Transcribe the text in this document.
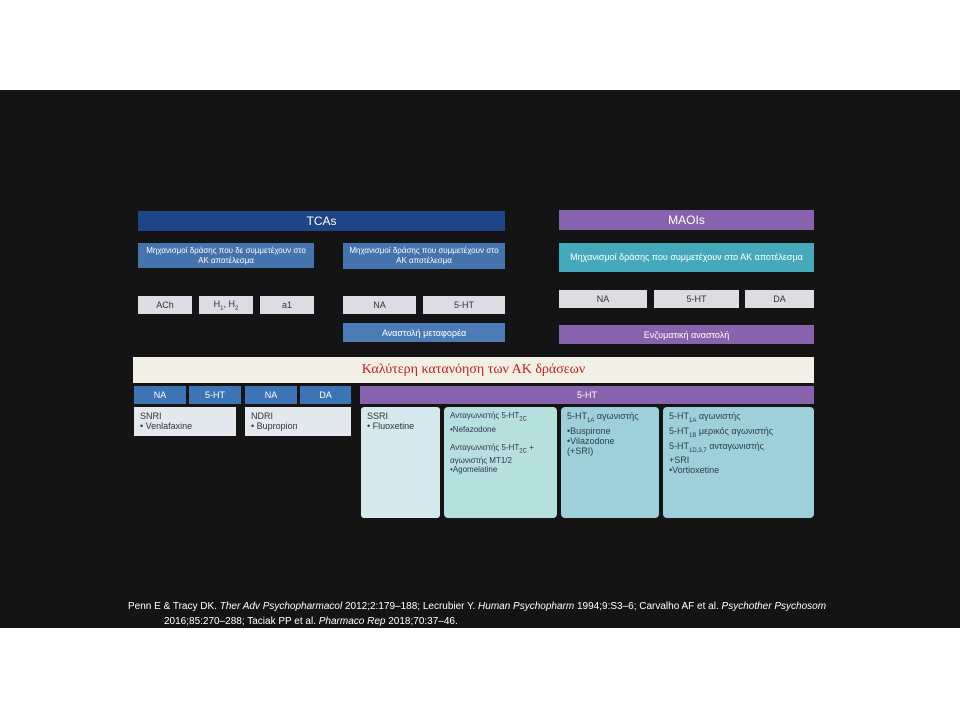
TCAs
Μηχανισμοί δράσης που δε συμμετέχουν στο ΑΚ αποτέλεσμα
Μηχανισμοί δράσης που συμμετέχουν στο ΑΚ αποτέλεσμα
ACh	$H_1$, $H_2$	a1	NA	5-HT
Αναστολή μεταφορέα
MAOIs
Μηχανισμοί δράσης που συμμετέχουν στο ΑΚ αποτέλεσμα
NA	5-HT	DA
Ενζυματική αναστολή
Καλύτερη κατανόηση των ΑΚ δράσεων
NA	5-HT	NA	DA	5-HT
SNRI
• Venlafaxine
NDRI
• Bupropion
SSRI
• Fluoxetine
Ανταγωνιστής $5-HT_{2C}$
•Nefazodone
Ανταγωνιστής $5-HT_{2C}$ +
αγωνιστής MT1/2
•Agomelatine
$5-HT_{1A}$ αγωνιστής
•Buspirone
•Vilazodone
(+SRI)
$5-HT_{1A}$ αγωνιστής
$5-HT_{1B}$ μερικός αγωνιστής
$5-HT_{1D,3,7}$ ανταγωνιστής
+SRI
•Vortioxetine
Penn E & Tracy DK. Ther Adv Psychopharmacol 2012;2:179–188; Lecrubier Y. Human Psychopharm 1994;9:S3–6; Carvalho AF et al. Psychother Psychosom
2016;85:270–288; Taciak PP et al. Pharmaco Rep 2018;70:37–46.
